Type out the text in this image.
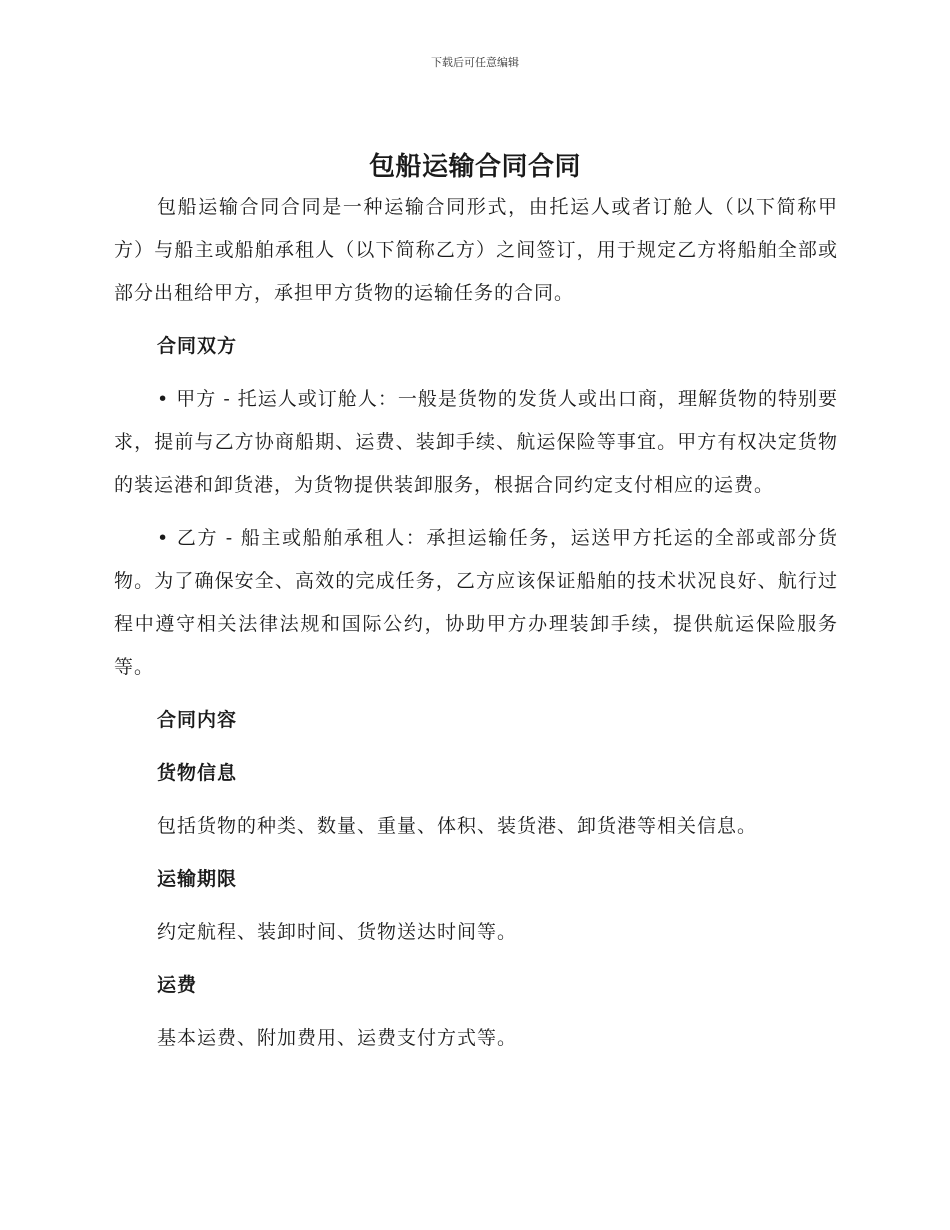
下载后可任意编辑
包船运输合同合同

包船运输合同合同是一种运输合同形式，由托运人或者订舱人（以下简称甲方）与船主或船舶承租人（以下简称乙方）之间签订，用于规定乙方将船舶全部或部分出租给甲方，承担甲方货物的运输任务的合同。

合同双方

• 甲方 - 托运人或订舱人：一般是货物的发货人或出口商，理解货物的特别要求，提前与乙方协商船期、运费、装卸手续、航运保险等事宜。甲方有权决定货物的装运港和卸货港，为货物提供装卸服务，根据合同约定支付相应的运费。

• 乙方 - 船主或船舶承租人：承担运输任务，运送甲方托运的全部或部分货物。为了确保安全、高效的完成任务，乙方应该保证船舶的技术状况良好、航行过程中遵守相关法律法规和国际公约，协助甲方办理装卸手续，提供航运保险服务等。

合同内容
货物信息
包括货物的种类、数量、重量、体积、装货港、卸货港等相关信息。
运输期限
约定航程、装卸时间、货物送达时间等。
运费
基本运费、附加费用、运费支付方式等。
